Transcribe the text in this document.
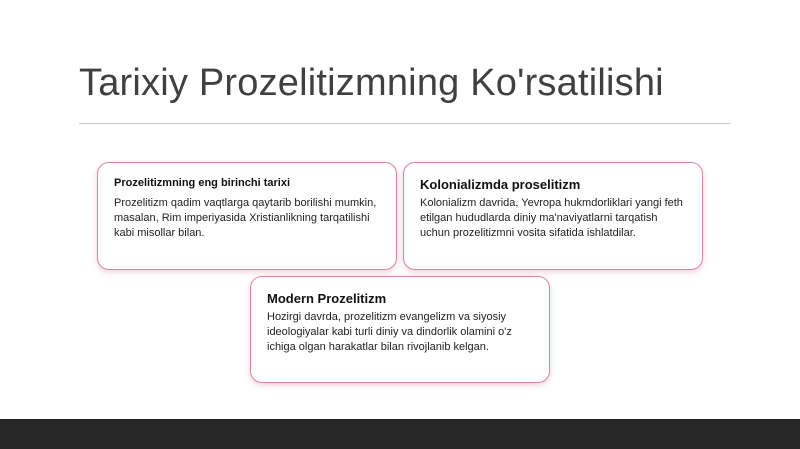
Tarixiy Prozelitizmning Ko'rsatilishi
Prozelitizmning eng birinchi tarixi

Prozelitizm qadim vaqtlarga qaytarib borilishi mumkin, masalan, Rim imperiyasida Xristianlikning tarqatilishi kabi misollar bilan.

Kolonializmda proselitizm

Kolonializm davrida, Yevropa hukmdorliklari yangi feth etilgan hududlarda diniy ma'naviyatlarni tarqatish uchun prozelitizmni vosita sifatida ishlatdilar.

Modern Prozelitizm

Hozirgi davrda, prozelitizm evangelizm va siyosiy ideologiyalar kabi turli diniy va dindorlik olamini o'z ichiga olgan harakatlar bilan rivojlanib kelgan.
